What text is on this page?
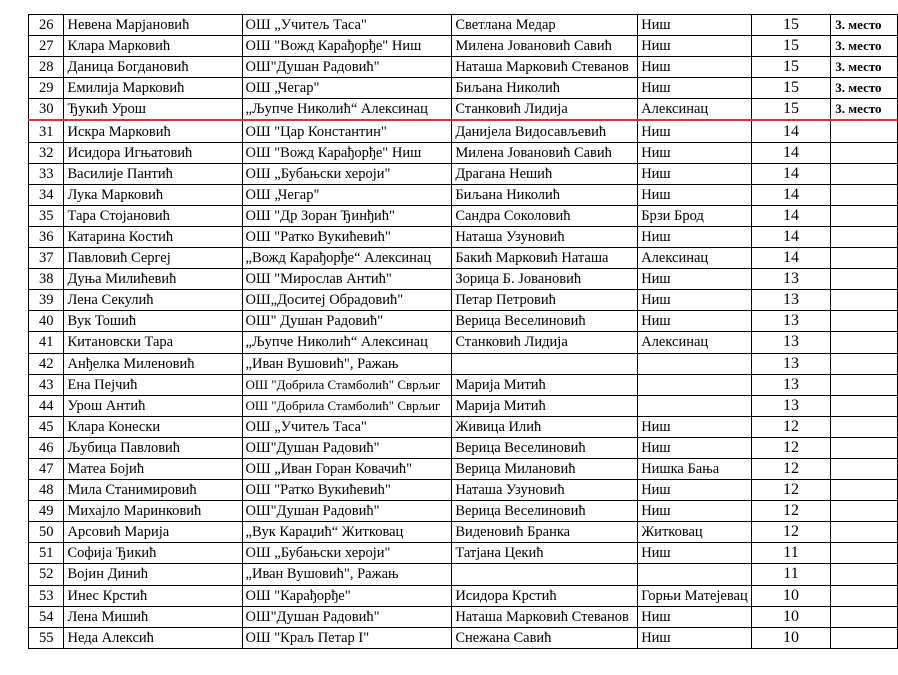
26	Невена Марјановић	ОШ „Учитељ Таса"	Светлана Медар	Ниш	15	3. место
27	Клара Марковић	ОШ "Вожд Карађорђе" Ниш	Милена Јовановић Савић	Ниш	15	3. место
28	Даница Богдановић	ОШ"Душан Радовић"	Наташа Марковић Стеванов	Ниш	15	3. место
29	Емилија Марковић	ОШ „Чегар"	Биљана Николић	Ниш	15	3. место
30	Ђукић Урош	„Љупче Николић“ Алексинац	Станковић Лидија	Алексинац	15	3. место
31	Искра Марковић	ОШ "Цар Константин"	Данијела Видосављевић	Ниш	14	
32	Исидора Игњатовић	ОШ "Вожд Карађорђе" Ниш	Милена Јовановић Савић	Ниш	14	
33	Василије Пантић	ОШ „Бубањски хероји"	Драгана Нешић	Ниш	14	
34	Лука Марковић	ОШ „Чегар"	Биљана Николић	Ниш	14	
35	Тара Стојановић	ОШ "Др Зоран Ђинђић"	Сандра Соколовић	Брзи Брод	14	
36	Катарина Костић	ОШ "Ратко Вукићевић"	Наташа Узуновић	Ниш	14	
37	Павловић Сергеј	„Вожд Карађорђе“ Алексинац	Бакић Марковић Наташа	Алексинац	14	
38	Дуња Милићевић	ОШ "Мирослав Антић"	Зорица Б. Јовановић	Ниш	13	
39	Лена Секулић	ОШ„Доситеј Обрадовић"	Петар Петровић	Ниш	13	
40	Вук Тошић	ОШ" Душан Радовић"	Верица Веселиновић	Ниш	13	
41	Китановски Тара	„Љупче Николић“ Алексинац	Станковић Лидија	Алексинац	13	
42	Анђелка Миленовић	„Иван Вушовић", Ражањ			13	
43	Ена Пејчић	ОШ "Добрила Стамболић" Сврљиг	Марија Митић		13	
44	Урош Антић	ОШ "Добрила Стамболић" Сврљиг	Марија Митић		13	
45	Клара Конески	ОШ „Учитељ Таса"	Живица Илић	Ниш	12	
46	Љубица Павловић	ОШ"Душан Радовић"	Верица Веселиновић	Ниш	12	
47	Матеа Бојић	ОШ „Иван Горан Ковачић"	Верица Милановић	Нишка Бања	12	
48	Мила Станимировић	ОШ "Ратко Вукићевић"	Наташа Узуновић	Ниш	12	
49	Михајло Маринковић	ОШ"Душан Радовић"	Верица Веселиновић	Ниш	12	
50	Арсовић Марија	„Вук Караџић“ Житковац	Виденовић Бранка	Житковац	12	
51	Софија Ђикић	ОШ „Бубањски хероји"	Татјана Цекић	Ниш	11	
52	Војин Динић	„Иван Вушовић", Ражањ			11	
53	Инес Крстић	ОШ "Карађорђе"	Исидора Крстић	Горњи Матејевац	10	
54	Лена Мишић	ОШ"Душан Радовић"	Наташа Марковић Стеванов	Ниш	10	
55	Неда Алексић	ОШ "Краљ Петар I"	Снежана Савић	Ниш	10	
